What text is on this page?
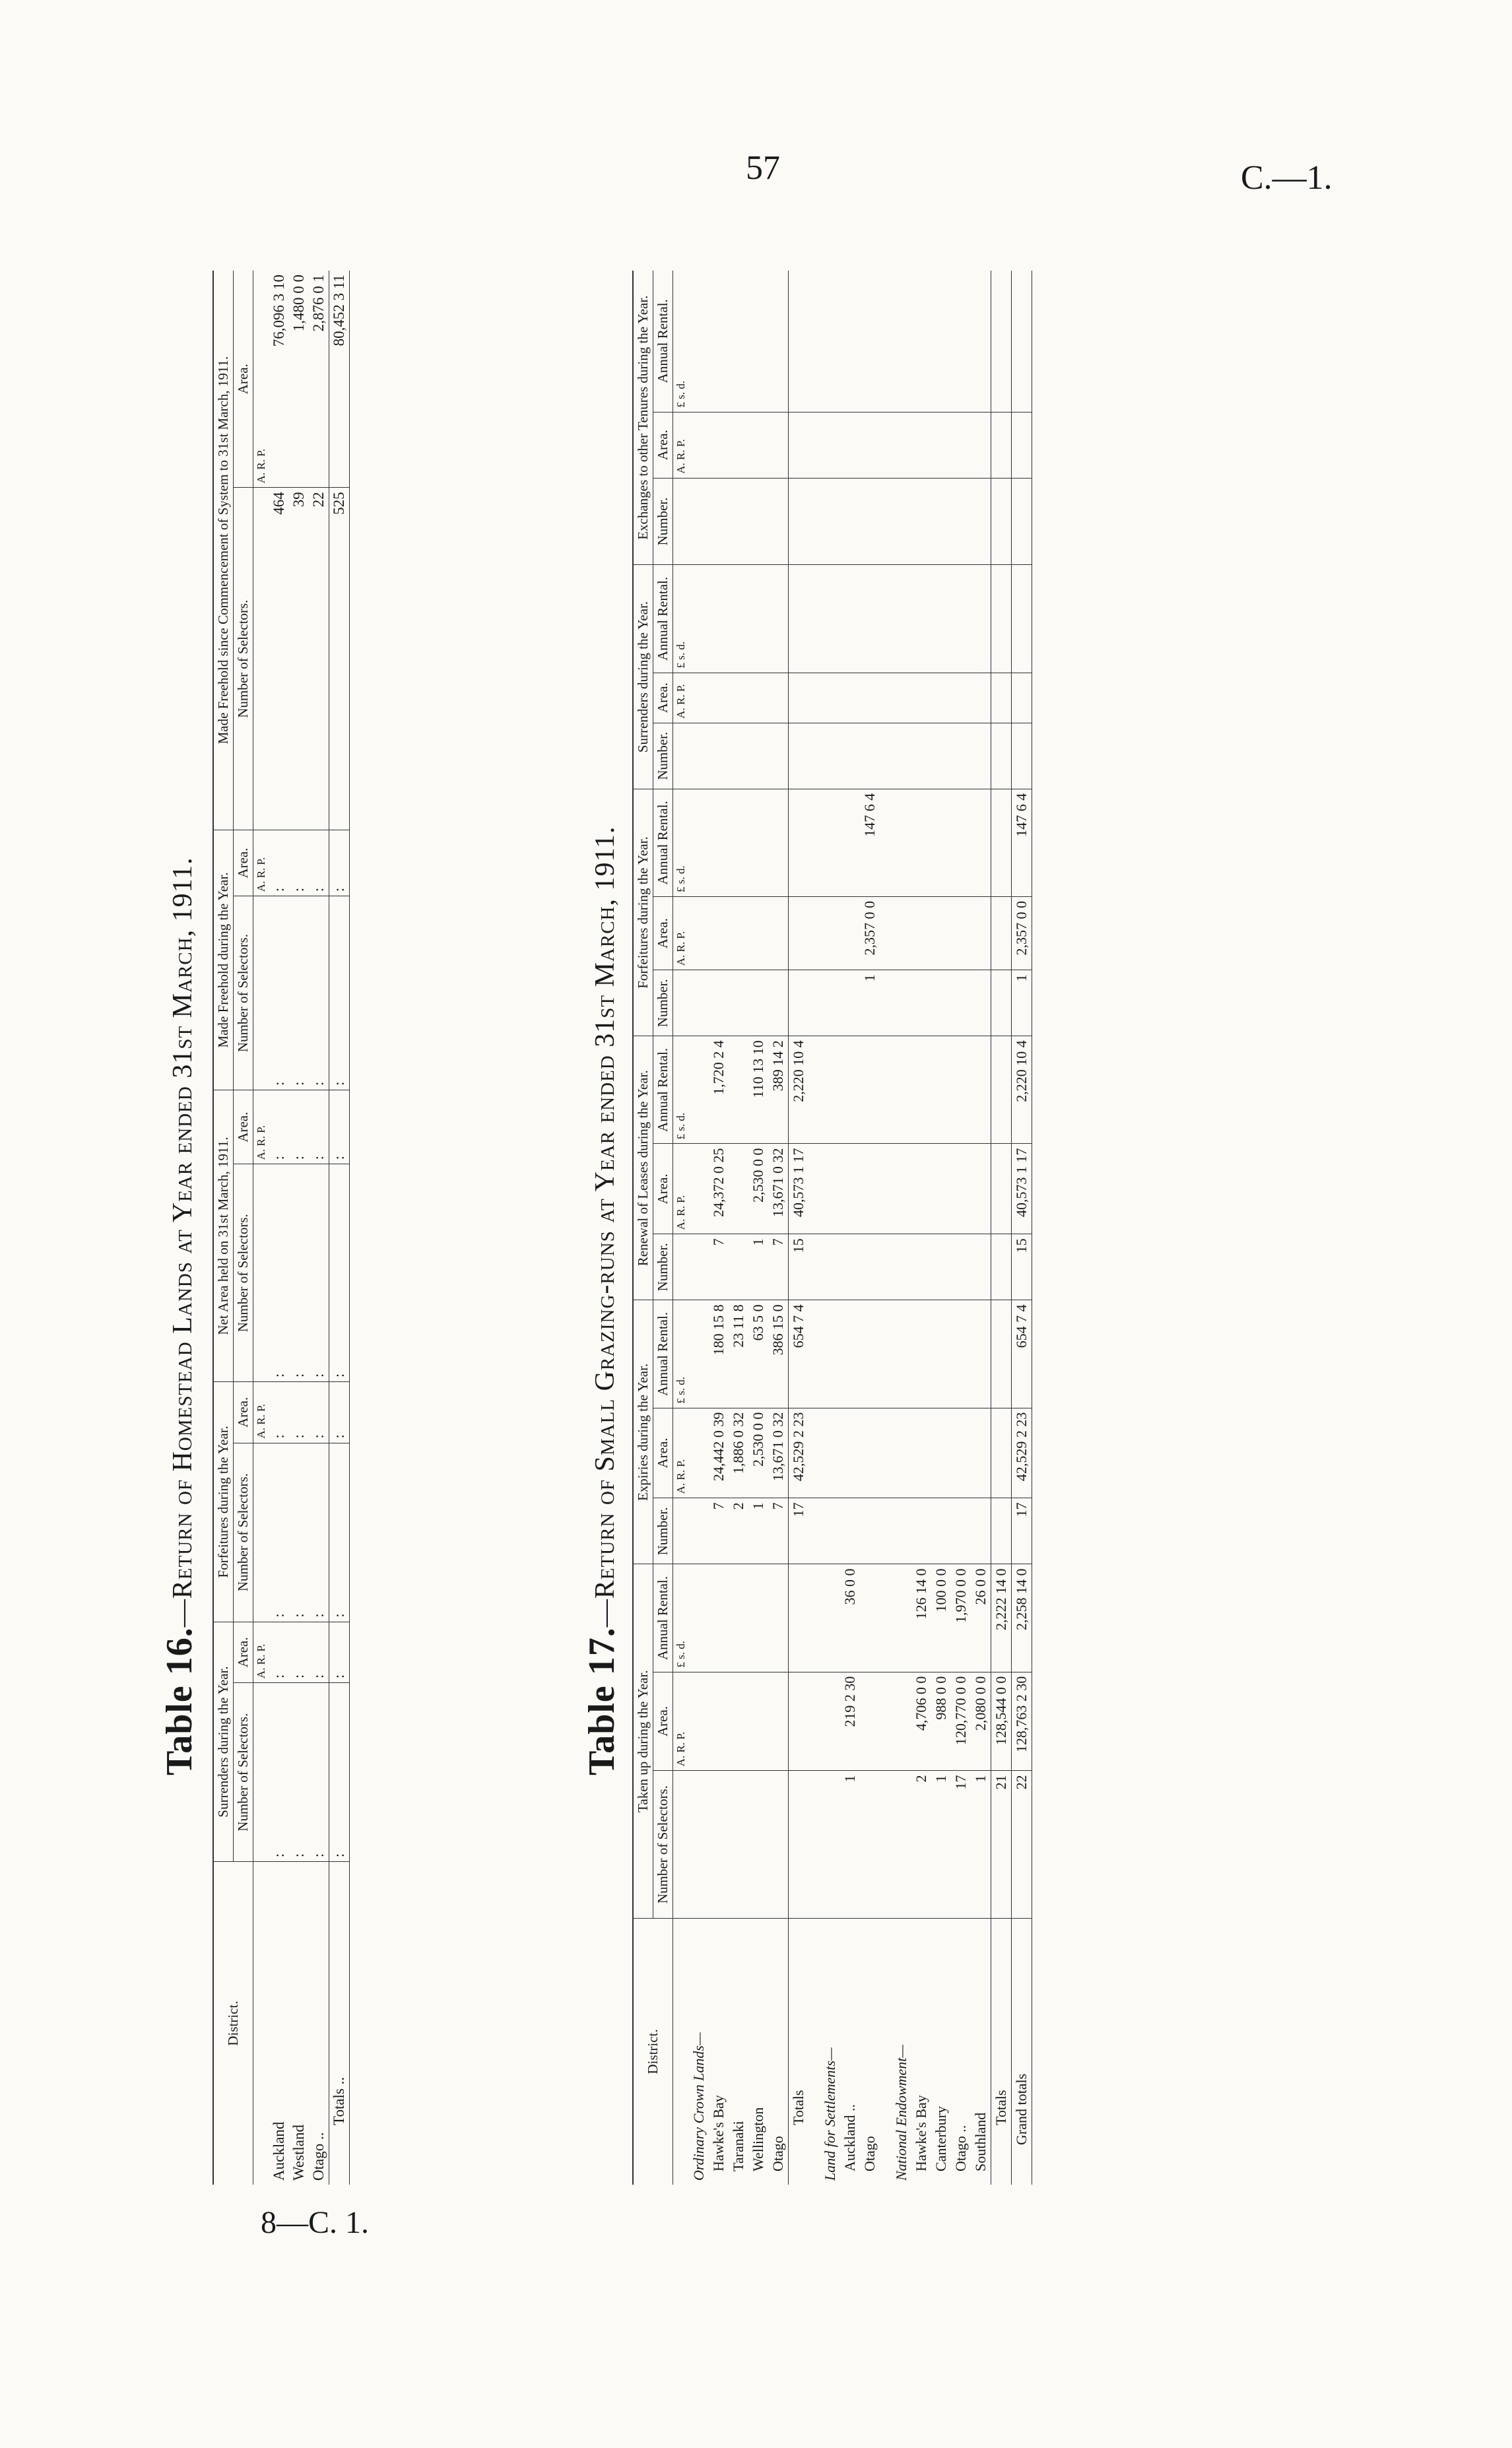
57	C.—1.
8—C. 1.
Table 16.—Return of Homestead Lands at Year ended 31st March, 1911.
District.	Surrenders during the Year.		Forfeitures during the Year.		Net Area held on 31st March, 1911.		Made Freehold during the Year.		Made Freehold since Commencement of System to 31st March, 1911.	
	Number of Selectors.	Area.	Number of Selectors.	Area.	Number of Selectors.	Area.	Number of Selectors.	Area.	Number of Selectors.	Area.
		A. R. P.		A. R. P.		A. R. P.		A. R. P.		A. R. P.
Auckland	:	:	:	:	:	:	:	:	464	76,096 3 10
Westland	:	:	:	:	:	:	:	:	39	1,480 0 0
Otago ..	:	:	:	:	:	:	:	:	22	2,876 0 1
Totals ..	:	:	:	:	:	:	:	:	525	80,452 3 11
Table 17.—Return of Small Grazing-runs at Year ended 31st March, 1911.
District.	Taken up during the Year.			Expiries during the Year.			Renewal of Leases during the Year.			Forfeitures during the Year.			Surrenders during the Year.			Exchanges to other Tenures during the Year.		
	Number of Selectors.	Area.	Annual Rental.	Number.	Area.	Annual Rental.	Number.	Area.	Annual Rental.	Number.	Area.	Annual Rental.	Number.	Area.	Annual Rental.	Number.	Area.	Annual Rental.
		A. R. P.	£ s. d.		A. R. P.	£ s. d.		A. R. P.	£ s. d.		A. R. P.	£ s. d.		A. R. P.	£ s. d.		A. R. P.	£ s. d.
Ordinary Crown Lands—																		
Hawke's Bay				7	24,442 0 39	180 15 8	7	24,372 0 25	1,720 2 4									
Taranaki				2	1,886 0 32	23 11 8												
Wellington				1	2,530 0 0	63 5 0	1	2,530 0 0	110 13 10									
Otago				7	13,671 0 32	386 15 0	7	13,671 0 32	389 14 2									
Totals				17	42,529 2 23	654 7 4	15	40,573 1 17	2,220 10 4									
Land for Settlements—																		
Auckland ..	1	219 2 30	36 0 0															
Otago										1	2,357 0 0	147 6 4						
National Endowment—																		
Hawke's Bay	2	4,706 0 0	126 14 0															
Canterbury	1	988 0 0	100 0 0															
Otago ..	17	120,770 0 0	1,970 0 0															
Southland	1	2,080 0 0	26 0 0															
Totals	21	128,544 0 0	2,222 14 0															
Grand totals	22	128,763 2 30	2,258 14 0	17	42,529 2 23	654 7 4	15	40,573 1 17	2,220 10 4	1	2,357 0 0	147 6 4						
